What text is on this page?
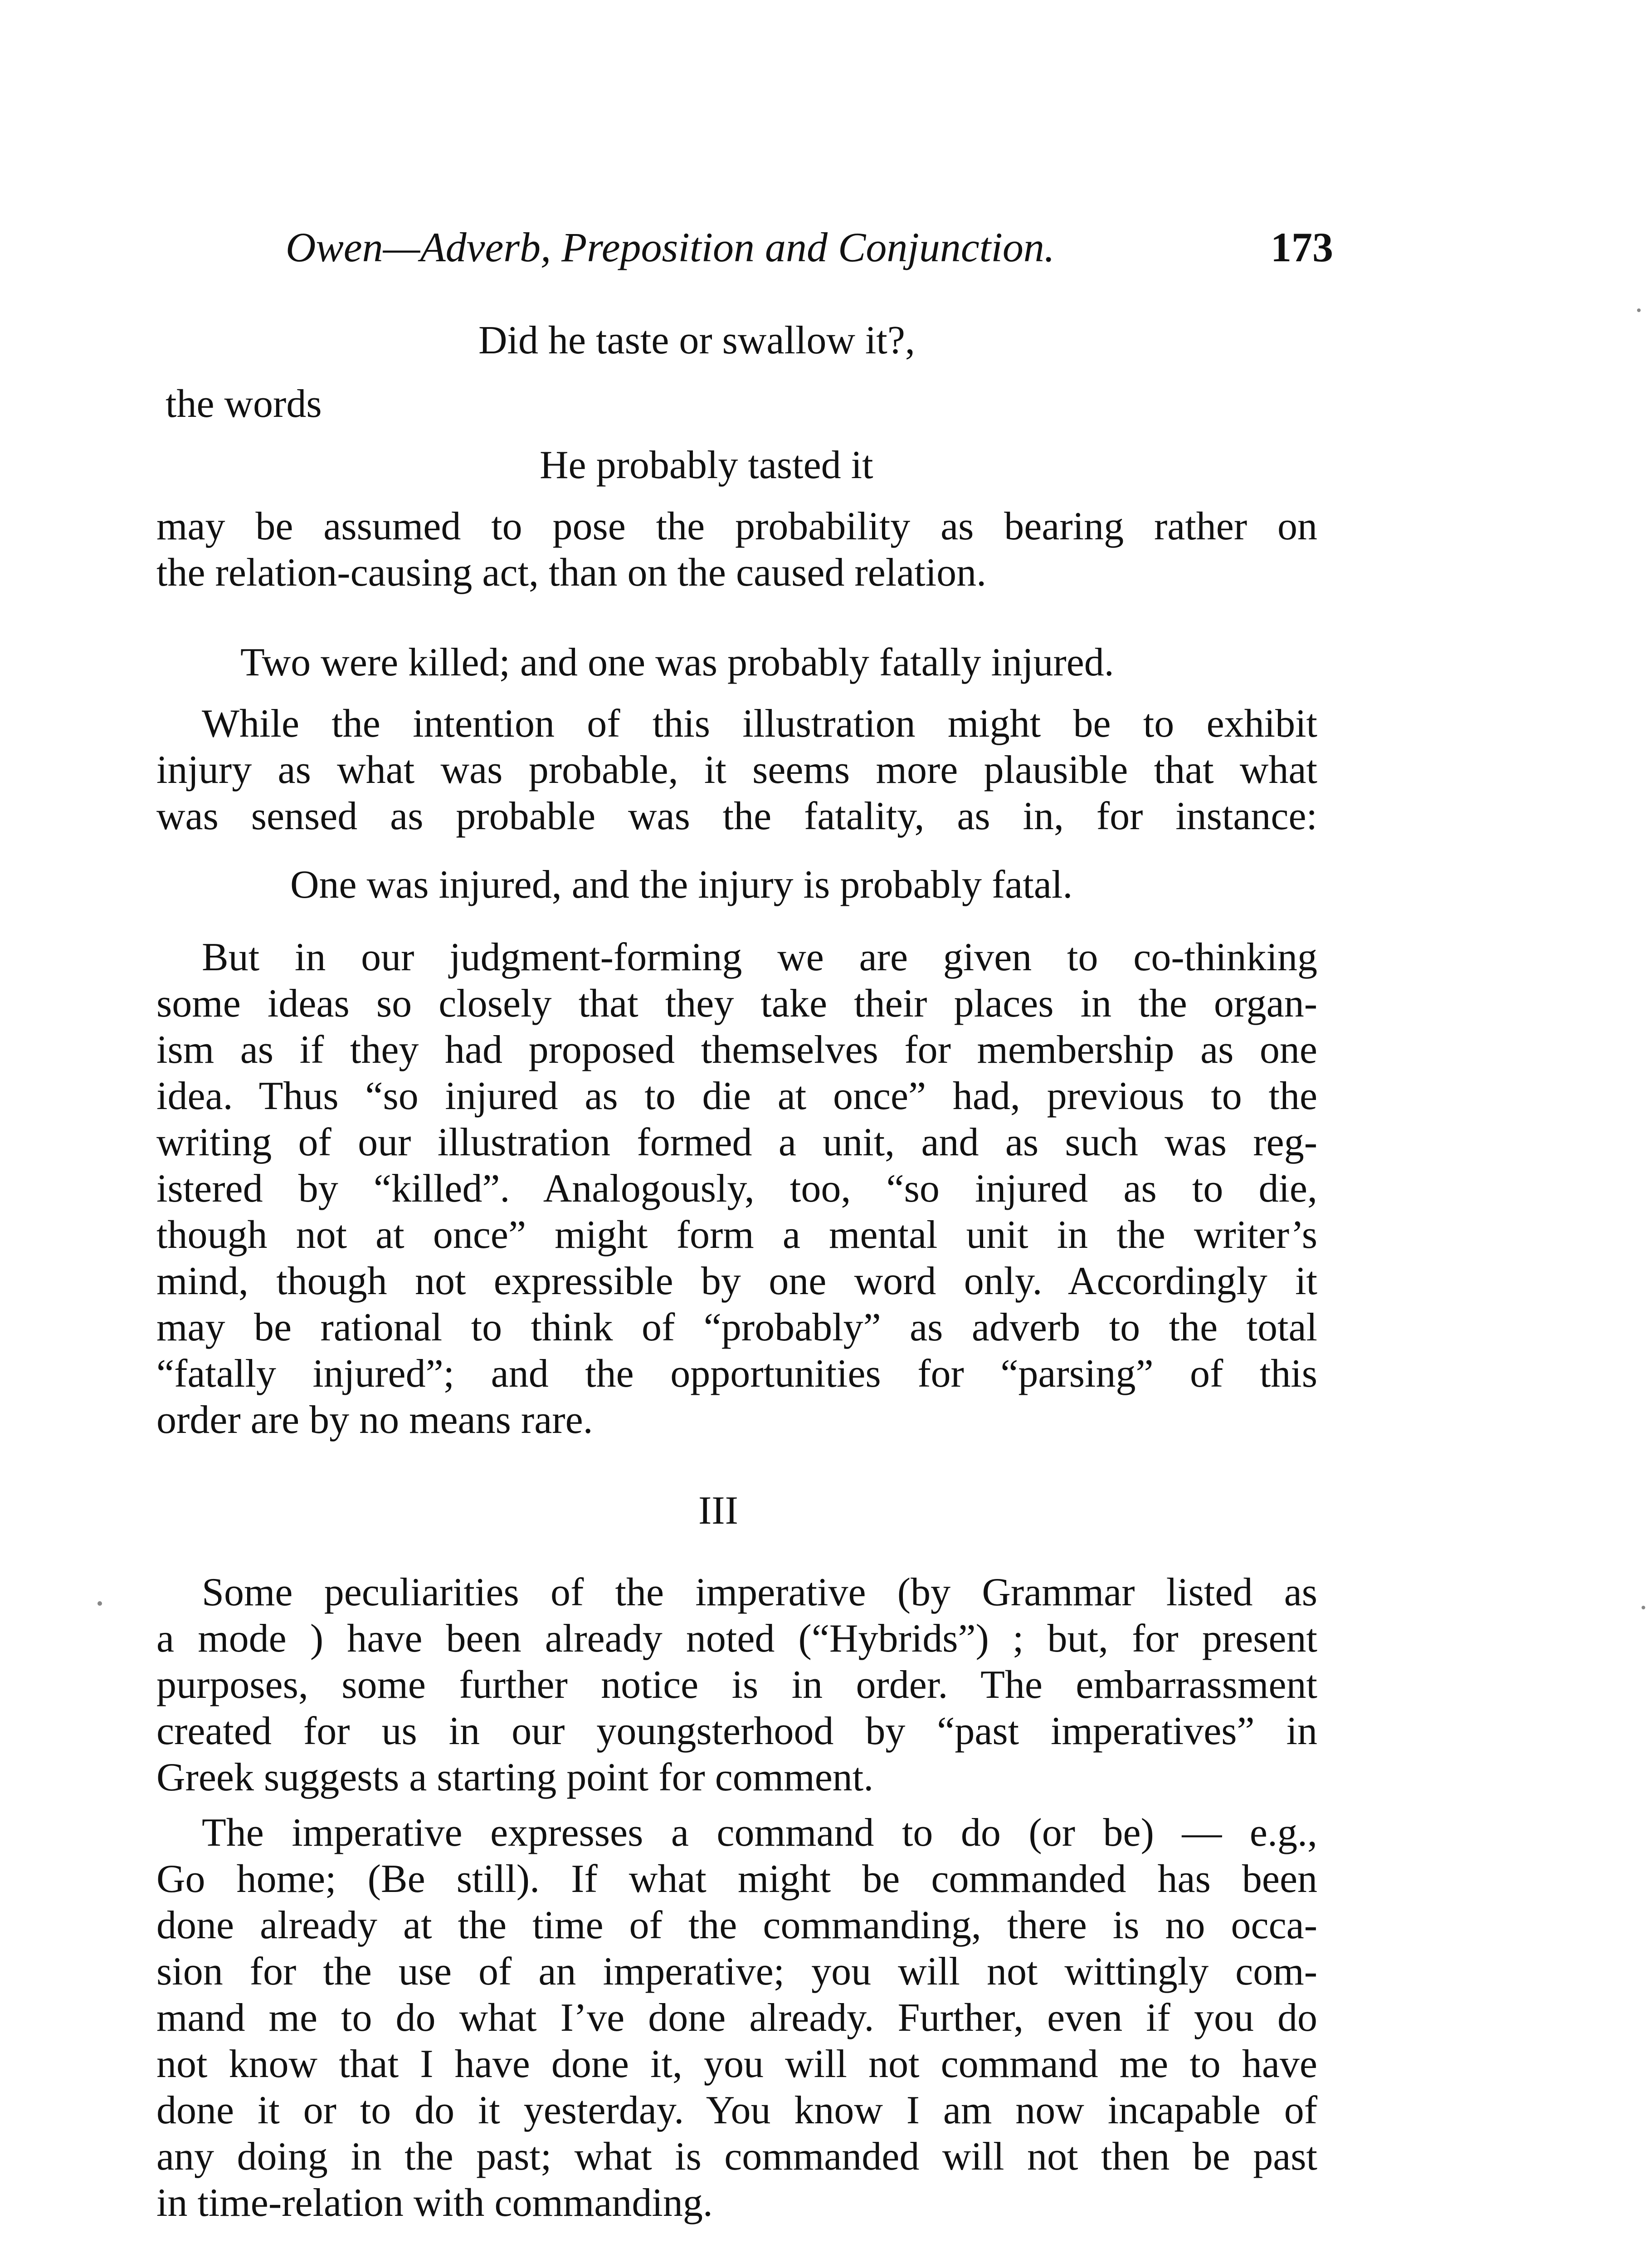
Owen—Adverb, Preposition and Conjunction.	173
Did he taste or swallow it?,
the words
He probably tasted it
may be assumed to pose the probability as bearing rather on
the relation-causing act, than on the caused relation.
Two were killed; and one was probably fatally injured.
While the intention of this illustration might be to exhibit
injury as what was probable, it seems more plausible that what
was sensed as probable was the fatality, as in, for instance:
One was injured, and the injury is probably fatal.
But in our judgment-forming we are given to co-thinking
some ideas so closely that they take their places in the organ-
ism as if they had proposed themselves for membership as one
idea. Thus “so injured as to die at once” had, previous to the
writing of our illustration formed a unit, and as such was reg-
istered by “killed”. Analogously, too, “so injured as to die,
though not at once” might form a mental unit in the writer’s
mind, though not expressible by one word only. Accordingly it
may be rational to think of “probably” as adverb to the total
“fatally injured”; and the opportunities for “parsing” of this
order are by no means rare.
III
Some peculiarities of the imperative (by Grammar listed as
a mode ) have been already noted (“Hybrids”) ; but, for present
purposes, some further notice is in order. The embarrassment
created for us in our youngsterhood by “past imperatives” in
Greek suggests a starting point for comment.
The imperative expresses a command to do (or be) — e.g.,
Go home; (Be still). If what might be commanded has been
done already at the time of the commanding, there is no occa-
sion for the use of an imperative; you will not wittingly com-
mand me to do what I’ve done already. Further, even if you do
not know that I have done it, you will not command me to have
done it or to do it yesterday. You know I am now incapable of
any doing in the past; what is commanded will not then be past
in time-relation with commanding.
